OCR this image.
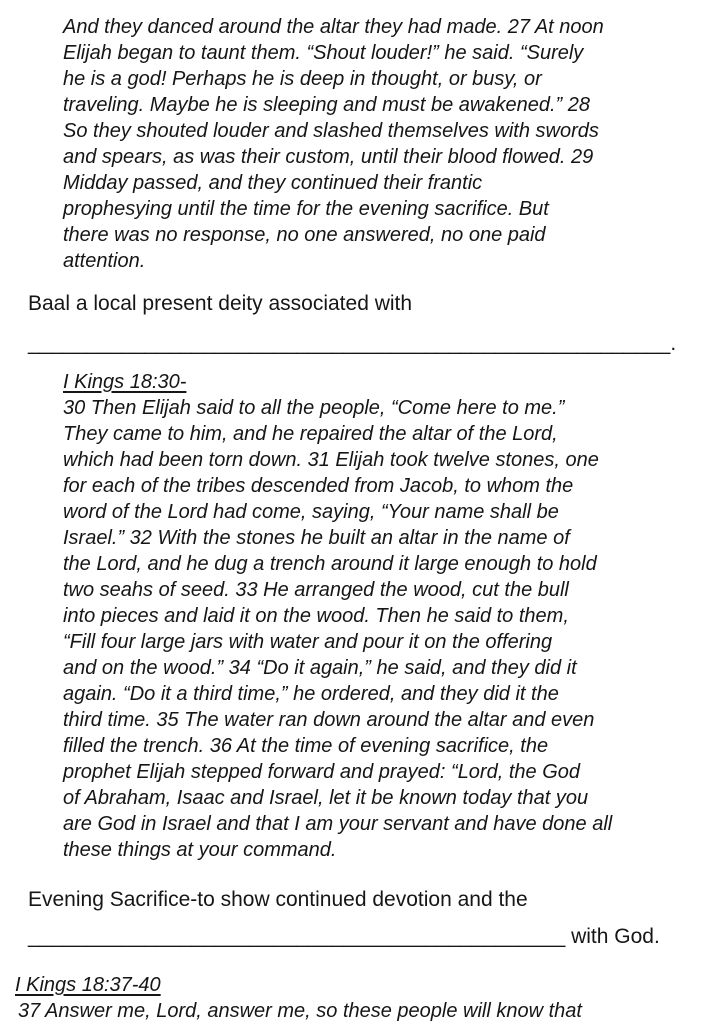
And they danced around the altar they had made. 27 At noon
Elijah began to taunt them. “Shout louder!” he said. “Surely
he is a god! Perhaps he is deep in thought, or busy, or
traveling. Maybe he is sleeping and must be awakened.” 28
So they shouted louder and slashed themselves with swords
and spears, as was their custom, until their blood flowed. 29
Midday passed, and they continued their frantic
prophesying until the time for the evening sacrifice. But
there was no response, no one answered, no one paid
attention.
Baal a local present deity associated with
_______________________________________________________.
I Kings 18:30-
30 Then Elijah said to all the people, “Come here to me.”
They came to him, and he repaired the altar of the Lord,
which had been torn down. 31 Elijah took twelve stones, one
for each of the tribes descended from Jacob, to whom the
word of the Lord had come, saying, “Your name shall be
Israel.” 32 With the stones he built an altar in the name of
the Lord, and he dug a trench around it large enough to hold
two seahs of seed. 33 He arranged the wood, cut the bull
into pieces and laid it on the wood. Then he said to them,
“Fill four large jars with water and pour it on the offering
and on the wood.” 34 “Do it again,” he said, and they did it
again. “Do it a third time,” he ordered, and they did it the
third time. 35 The water ran down around the altar and even
filled the trench. 36 At the time of evening sacrifice, the
prophet Elijah stepped forward and prayed: “Lord, the God
of Abraham, Isaac and Israel, let it be known today that you
are God in Israel and that I am your servant and have done all
these things at your command.
Evening Sacrifice-to show continued devotion and the
______________________________________________ with God.
I Kings 18:37-40
37 Answer me, Lord, answer me, so these people will know that
